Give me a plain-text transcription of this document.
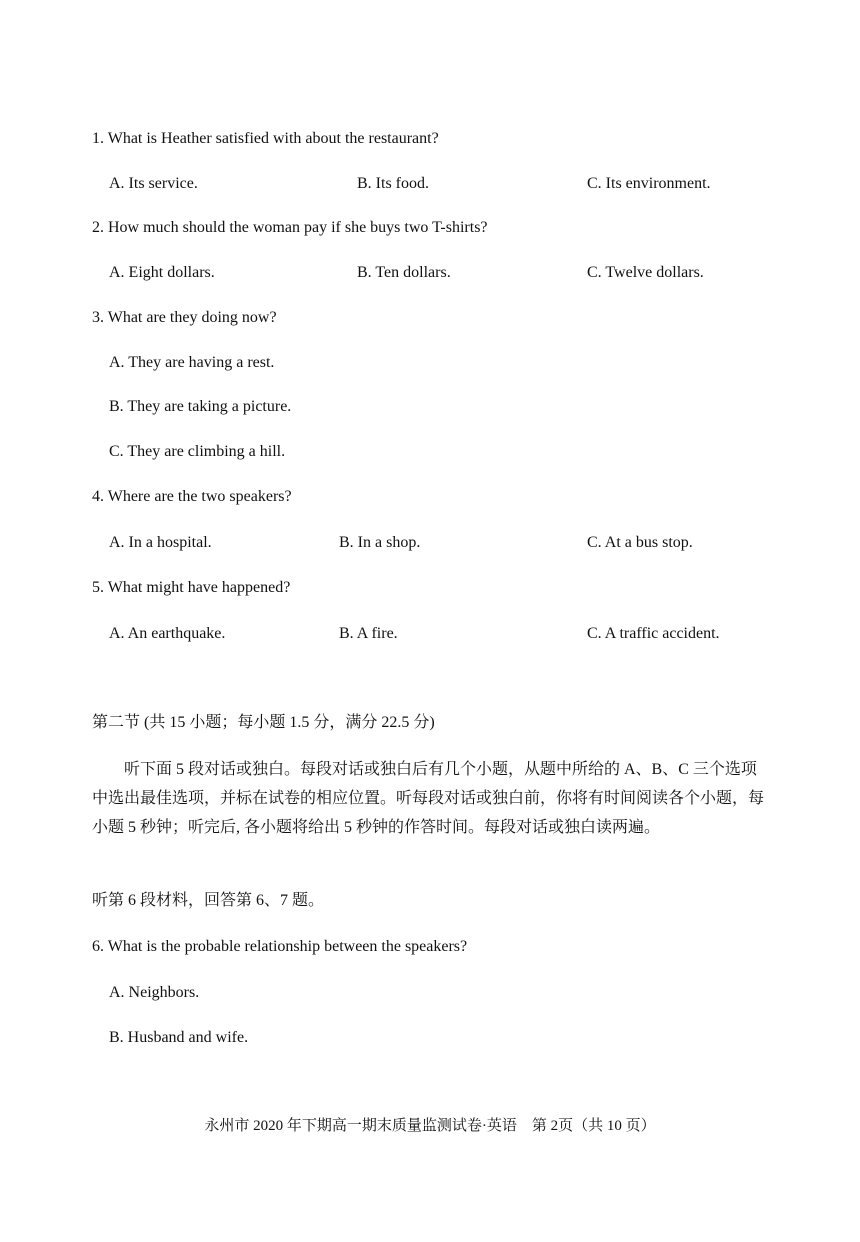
1. What is Heather satisfied with about the restaurant?
A. Its service.	B. Its food.	C. Its environment.
2. How much should the woman pay if she buys two T-shirts?
A. Eight dollars.	B. Ten dollars.	C. Twelve dollars.
3. What are they doing now?
A. They are having a rest.
B. They are taking a picture.
C. They are climbing a hill.
4. Where are the two speakers?
A. In a hospital.	B. In a shop.	C. At a bus stop.
5. What might have happened?
A. An earthquake.	B. A fire.	C. A traffic accident.
第二节 (共 15 小题；每小题 1.5 分，满分 22.5 分)
听下面 5 段对话或独白。每段对话或独白后有几个小题，从题中所给的 A、B、C 三个选项中选出最佳选项，并标在试卷的相应位置。听每段对话或独白前，你将有时间阅读各个小题，每小题 5 秒钟；听完后, 各小题将给出 5 秒钟的作答时间。每段对话或独白读两遍。
听第 6 段材料，回答第 6、7 题。
6. What is the probable relationship between the speakers?
A. Neighbors.
B. Husband and wife.
永州市 2020 年下期高一期末质量监测试卷·英语　第 2页（共 10 页）
